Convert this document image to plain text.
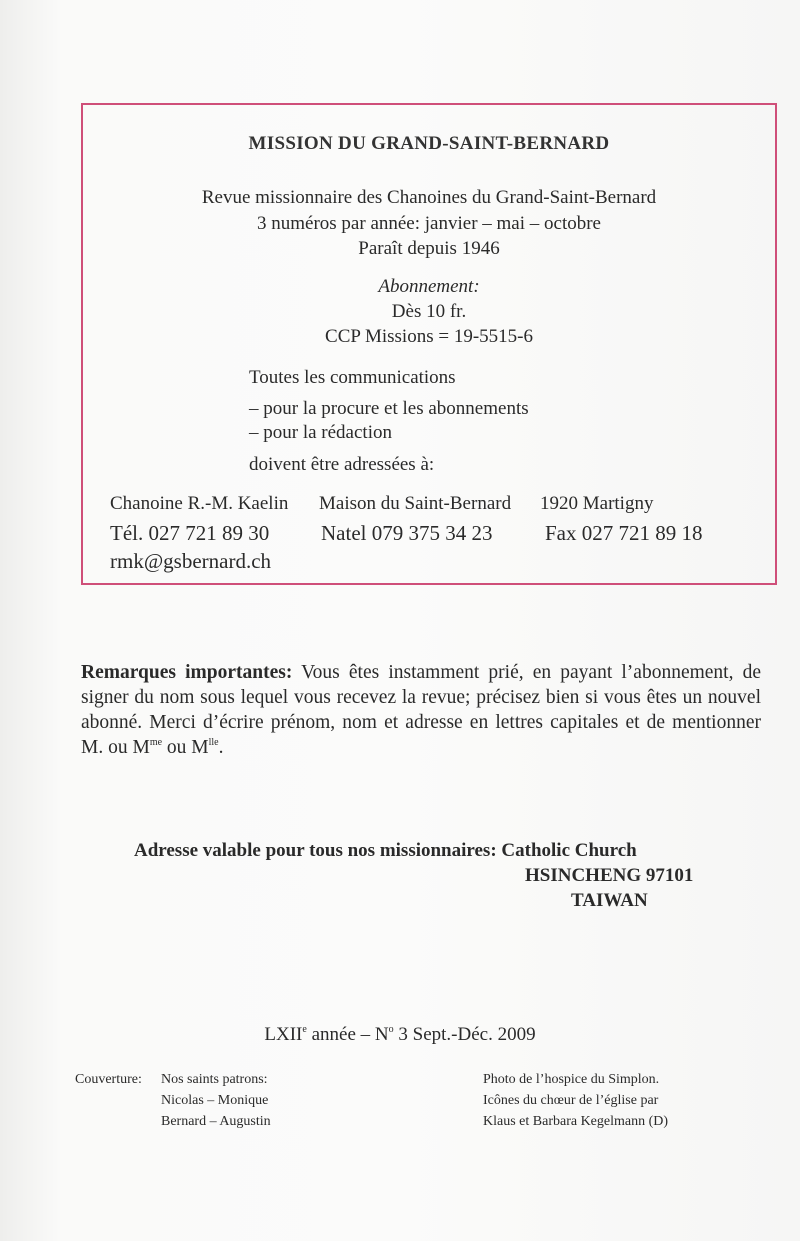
MISSION DU GRAND-SAINT-BERNARD
Revue missionnaire des Chanoines du Grand-Saint-Bernard
3 numéros par année: janvier – mai – octobre
Paraît depuis 1946
Abonnement:
Dès 10 fr.
CCP Missions = 19-5515-6
Toutes les communications
– pour la procure et les abonnements
– pour la rédaction
doivent être adressées à:
Chanoine R.-M. Kaelin Maison du Saint-Bernard 1920 Martigny
Tél. 027 721 89 30 Natel 079 375 34 23	Fax 027 721 89 18
rmk@gsbernard.ch
Remarques importantes: Vous êtes instamment prié, en payant l’abonnement, de signer du nom sous lequel vous recevez la revue; précisez bien si vous êtes un nouvel abonné. Merci d’écrire prénom, nom et adresse en lettres capitales et de mentionner M. ou $M^{me}$ ou $M^{lle}$.
Adresse valable pour tous nos missionnaires: Catholic Church
HSINCHENG 97101
TAIWAN
LXIIe année – $N^o$ 3 Sept.-Déc. 2009
Couverture: Nos saints patrons:
Nicolas – Monique
Bernard – Augustin
Photo de l’hospice du Simplon.
Icônes du chœur de l’église par
Klaus et Barbara Kegelmann (D)
